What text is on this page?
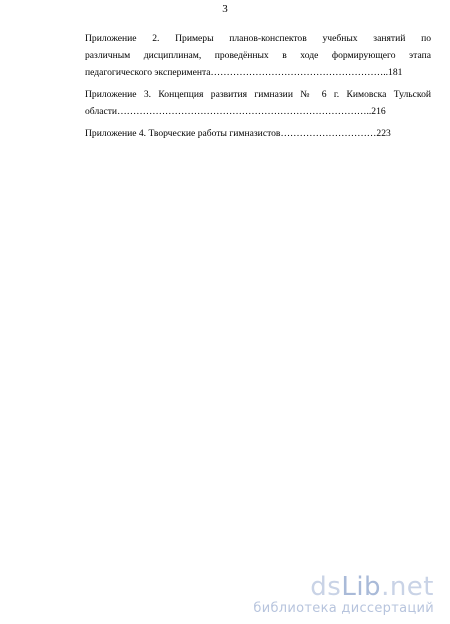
3
Приложение 2. Примеры планов-конспектов учебных занятий по
различным дисциплинам, проведённых в ходе формирующего этапа
педагогического эксперимента………………………………………………..181
Приложение 3. Концепция развития гимназии № 6 г. Кимовска Тульской
области……………………………………………………………………..216
Приложение 4. Творческие работы гимназистов…………………………223
dsLib.net
библиотека диссертаций
